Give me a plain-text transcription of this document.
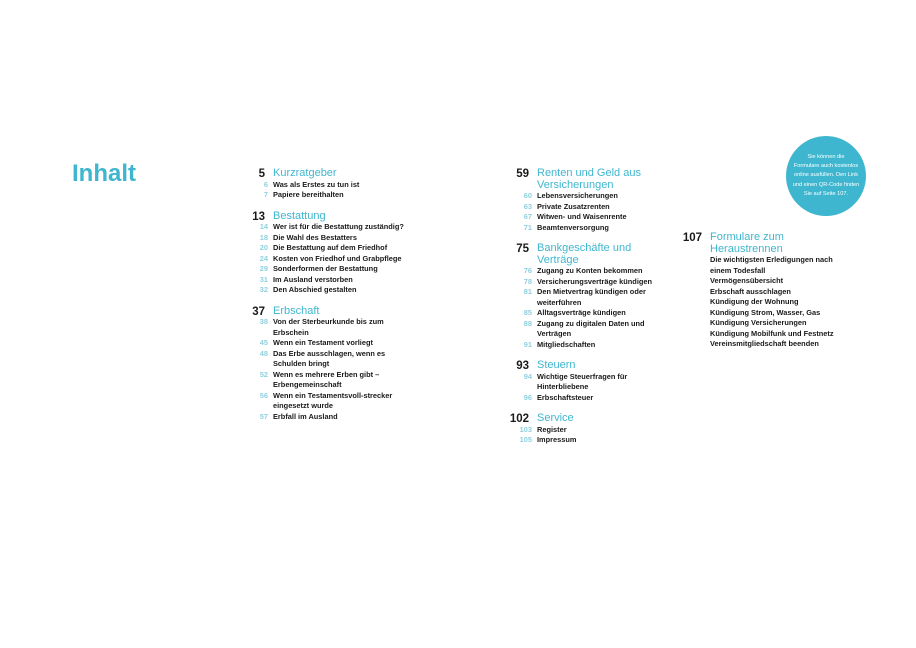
Inhalt	5 Kurzratgeber
6 Was als Erstes zu tun ist
7 Papiere bereithalten
13 Bestattung
14 Wer ist für die Bestattung zuständig?
18 Die Wahl des Bestatters
20 Die Bestattung auf dem Friedhof
24 Kosten von Friedhof und Grabpflege
29 Sonderformen der Bestattung
31 Im Ausland verstorben
32 Den Abschied gestalten
37 Erbschaft
38 Von der Sterbeurkunde bis zum Erbschein
45 Wenn ein Testament vorliegt
48 Das Erbe ausschlagen, wenn es Schulden bringt
52 Wenn es mehrere Erben gibt – Erbengemeinschaft
56 Wenn ein Testamentsvoll-strecker eingesetzt wurde
57 Erbfall im Ausland
59 Renten und Geld aus Versicherungen
60 Lebensversicherungen
63 Private Zusatzrenten
67 Witwen- und Waisenrente
71 Beamtenversorgung
75 Bankgeschäfte und Verträge
76 Zugang zu Konten bekommen
78 Versicherungsverträge kündigen
81 Den Mietvertrag kündigen oder weiterführen
85 Alltagsverträge kündigen
88 Zugang zu digitalen Daten und Verträgen
91 Mitgliedschaften
93 Steuern
94 Wichtige Steuerfragen für Hinterbliebene
96 Erbschaftsteuer
102 Service
103 Register
105 Impressum
107 Formulare zum Heraustrennen
Die wichtigsten Erledigungen nach einem Todesfall
Vermögensübersicht
Erbschaft ausschlagen
Kündigung der Wohnung
Kündigung Strom, Wasser, Gas
Kündigung Versicherungen
Kündigung Mobilfunk und Festnetz
Vereinsmitgliedschaft beenden
Sie können die
Formulare auch kostenlos
online ausfüllen. Den Link
und einen QR-Code finden
Sie auf Seite 107.
